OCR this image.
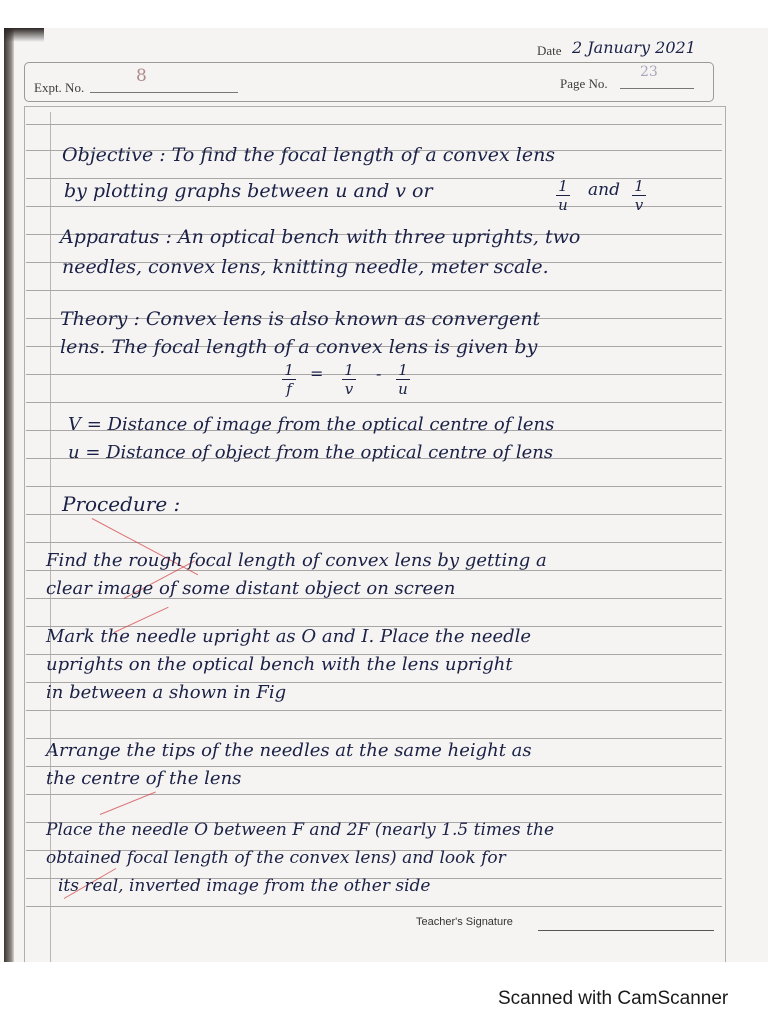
Date 2 January 2021
Expt. No.
8	Page No.
23
Objective : To find the focal length of a convex lens
by plotting graphs between u and v or	1
u
and 1
v
Apparatus : An optical bench with three uprights, two
needles, convex lens, knitting needle, meter scale.
Theory : Convex lens is also known as convergent
lens. The focal length of a convex lens is given by
1
f
= 1
v
- 1
u
V = Distance of image from the optical centre of lens
u = Distance of object from the optical centre of lens
Procedure :
Find the rough focal length of convex lens by getting a
clear image of some distant object on screen
Mark the needle upright as O and I. Place the needle
uprights on the optical bench with the lens upright
in between a shown in Fig
Arrange the tips of the needles at the same height as
the centre of the lens
Place the needle O between F and 2F (nearly 1.5 times the
obtained focal length of the convex lens) and look for
its real, inverted image from the other side
Teacher's Signature
Scanned with CamScanner
